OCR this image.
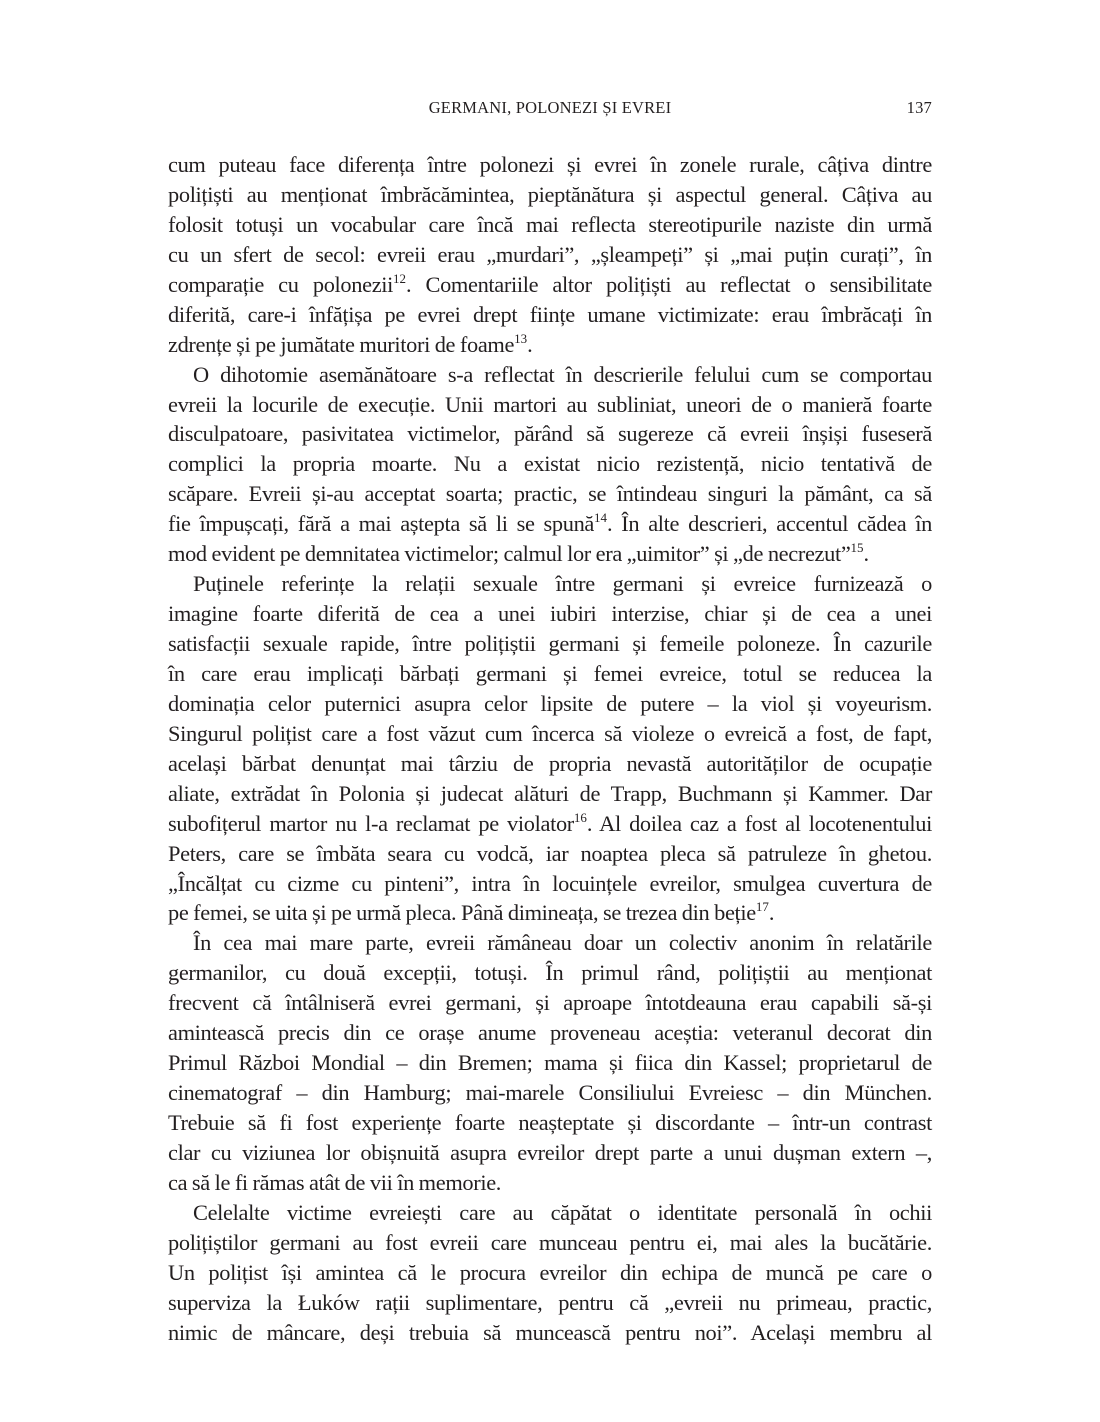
GERMANI, POLONEZI ȘI EVREI	137
cum puteau face diferența între polonezi și evrei în zonele rurale, câțiva dintre
polițiști au menționat îmbrăcămintea, pieptănătura și aspectul general. Câțiva au
folosit totuși un vocabular care încă mai reflecta stereotipurile naziste din urmă
cu un sfert de secol: evreii erau „murdari”, „șleampeți” și „mai puțin curați”, în
comparație cu polonezii$^{12}$. Comentariile altor polițiști au reflectat o sensibilitate
diferită, care-i înfățișa pe evrei drept ființe umane victimizate: erau îmbrăcați în
zdrențe și pe jumătate muritori de foame$^{13}$.
O dihotomie asemănătoare s-a reflectat în descrierile felului cum se comportau
evreii la locurile de execuție. Unii martori au subliniat, uneori de o manieră foarte
disculpatoare, pasivitatea victimelor, părând să sugereze că evreii înșiși fuseseră
complici la propria moarte. Nu a existat nicio rezistență, nicio tentativă de
scăpare. Evreii și-au acceptat soarta; practic, se întindeau singuri la pământ, ca să
fie împușcați, fără a mai aștepta să li se spună$^{14}$. În alte descrieri, accentul cădea în
mod evident pe demnitatea victimelor; calmul lor era „uimitor” și „de necrezut”$^{15}$.
Puținele referințe la relații sexuale între germani și evreice furnizează o
imagine foarte diferită de cea a unei iubiri interzise, chiar și de cea a unei
satisfacții sexuale rapide, între polițiștii germani și femeile poloneze. În cazurile
în care erau implicați bărbați germani și femei evreice, totul se reducea la
dominația celor puternici asupra celor lipsite de putere – la viol și voyeurism.
Singurul polițist care a fost văzut cum încerca să violeze o evreică a fost, de fapt,
același bărbat denunțat mai târziu de propria nevastă autorităților de ocupație
aliate, extrădat în Polonia și judecat alături de Trapp, Buchmann și Kammer. Dar
subofițerul martor nu l-a reclamat pe violator$^{16}$. Al doilea caz a fost al locotenentului
Peters, care se îmbăta seara cu vodcă, iar noaptea pleca să patruleze în ghetou.
„Încălțat cu cizme cu pinteni”, intra în locuințele evreilor, smulgea cuvertura de
pe femei, se uita și pe urmă pleca. Până dimineața, se trezea din beție$^{17}$.
În cea mai mare parte, evreii rămâneau doar un colectiv anonim în relatările
germanilor, cu două excepții, totuși. În primul rând, polițiștii au menționat
frecvent că întâlniseră evrei germani, și aproape întotdeauna erau capabili să-și
amintească precis din ce orașe anume proveneau aceștia: veteranul decorat din
Primul Război Mondial – din Bremen; mama și fiica din Kassel; proprietarul de
cinematograf – din Hamburg; mai-marele Consiliului Evreiesc – din München.
Trebuie să fi fost experiențe foarte neașteptate și discordante – într-un contrast
clar cu viziunea lor obișnuită asupra evreilor drept parte a unui dușman extern –,
ca să le fi rămas atât de vii în memorie.
Celelalte victime evreiești care au căpătat o identitate personală în ochii
polițiștilor germani au fost evreii care munceau pentru ei, mai ales la bucătărie.
Un polițist își amintea că le procura evreilor din echipa de muncă pe care o
superviza la Łuków rații suplimentare, pentru că „evreii nu primeau, practic,
nimic de mâncare, deși trebuia să muncească pentru noi”. Același membru al
